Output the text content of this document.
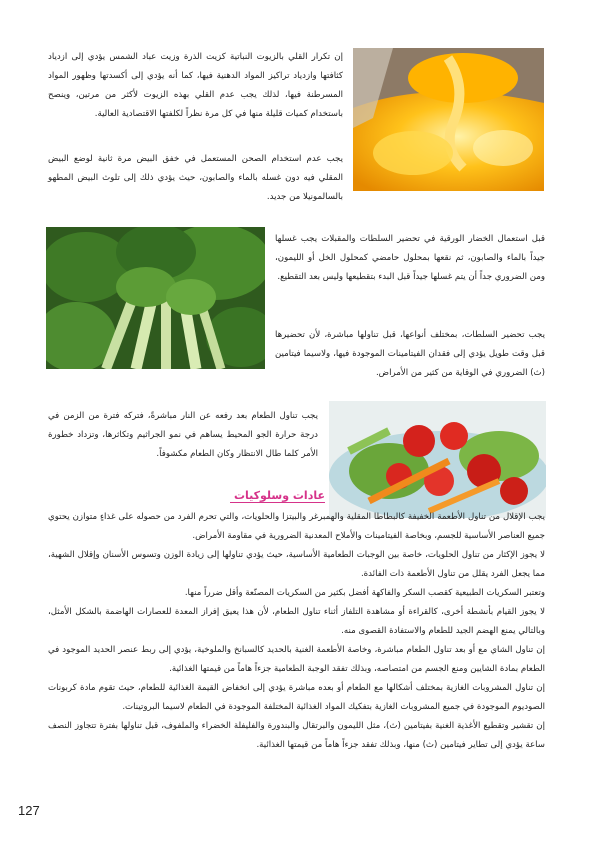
إن تكرار القلي بالزيوت النباتية كزيت الذرة وزيت عباد الشمس يؤدي إلى ازدياد كثافتها وازدياد تراكيز المواد الدهنية فيها، كما أنه يؤدي إلى أكسدتها وظهور المواد المسرطنة فيها، لذلك يجب عدم القلي بهذه الزيوت لأكثر من مرتين، وينصح باستخدام كميات قليلة منها في كل مرة نظراً لكلفتها الاقتصادية العالية.

يجب عدم استخدام الصحن المستعمل في خفق البيض مرة ثانية لوضع البيض المقلي فيه دون غسله بالماء والصابون، حيث يؤدي ذلك إلى تلوث البيض المطهو بالسالمونيلا من جديد.

قبل استعمال الخضار الورقية في تحضير السلطات والمقبلات يجب غسلها جيداً بالماء والصابون، ثم نقعها بمحلول حامضي كمحلول الخل أو الليمون، ومن الضروري جداً أن يتم غسلها جيداً قبل البدء بتقطيعها وليس بعد التقطيع.

يجب تحضير السلطات، بمختلف أنواعها، قبل تناولها مباشرة، لأن تحضيرها قبل وقت طويل يؤدي إلى فقدان الفيتامينات الموجودة فيها، ولاسيما فيتامين (ث) الضروري في الوقاية من كثير من الأمراض.

يجب تناول الطعام بعد رفعه عن النار مباشرةً، فتركه فترة من الزمن في درجة حرارة الجو المحيط يساهم في نمو الجراثيم وتكاثرها، وتزداد خطورة الأمر كلما طال الانتظار وكان الطعام مكشوفاً.

عادات وسلوكيات

يجب الإقلال من تناول الأطعمة الخفيفة كالبطاطا المقلية والهمبرغر والبيتزا والحلويات، والتي تحرم الفرد من حصوله على غذاءٍ متوازن يحتوي جميع العناصر الأساسية للجسم، وبخاصة الفيتامينات والأملاح المعدنية الضرورية في مقاومة الأمراض.

لا يجوز الإكثار من تناول الحلويات، خاصة بين الوجبات الطعامية الأساسية، حيث يؤدي تناولها إلى زيادة الوزن وتسوس الأسنان وإقلال الشهية، مما يجعل الفرد يقلل من تناول الأطعمة ذات الفائدة.

وتعتبر السكريات الطبيعية كقصب السكر والفاكهة أفضل بكثير من السكريات المصنّعة وأقل ضرراً منها.

لا يجوز القيام بأنشطة أخرى، كالقراءة أو مشاهدة التلفاز أثناء تناول الطعام، لأن هذا يعيق إفراز المعدة للعصارات الهاضمة بالشكل الأمثل، وبالتالي يمنع الهضم الجيد للطعام والاستفادة القصوى منه.

إن تناول الشاي مع أو بعد تناول الطعام مباشرة، وخاصة الأطعمة الغنية بالحديد كالسبانخ والملوخية، يؤدي إلى ربط عنصر الحديد الموجود في الطعام بمادة الشايين ومنع الجسم من امتصاصه، وبذلك تفقد الوجبة الطعامية جزءاً هاماً من قيمتها الغذائية.

إن تناول المشروبات الغازية بمختلف أشكالها مع الطعام أو بعده مباشرة يؤدي إلى انخفاض القيمة الغذائية للطعام، حيث تقوم مادة كربونات الصوديوم الموجودة في جميع المشروبات الغازية بتفكيك المواد الغذائية المختلفة الموجودة في الطعام لاسيما البروتينات.

إن تقشير وتقطيع الأغذية الغنية بفيتامين (ث)، مثل الليمون والبرتقال والبندورة والفليفلة الخضراء والملفوف، قبل تناولها بفترة تتجاوز النصف ساعة يؤدي إلى تطاير فيتامين (ث) منها، وبذلك تفقد جزءاً هاماً من قيمتها الغذائية.

127
